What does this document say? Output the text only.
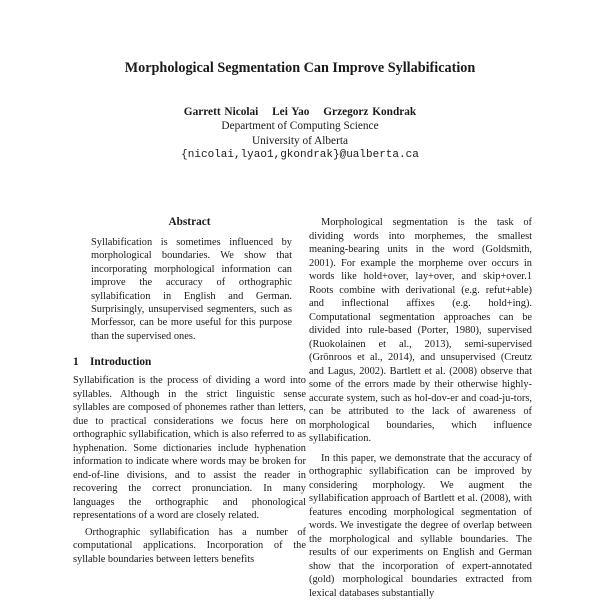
Morphological Segmentation Can Improve Syllabification
Garrett Nicolai Lei Yao Grzegorz Kondrak
Department of Computing Science
University of Alberta
{nicolai,lyao1,gkondrak}@ualberta.ca
Abstract

Syllabification is sometimes influenced by morphological boundaries. We show that incorporating morphological information can improve the accuracy of orthographic syllabification in English and German. Surprisingly, unsupervised segmenters, such as Morfessor, can be more useful for this purpose than the supervised ones.

1 Introduction

Syllabification is the process of dividing a word into syllables. Although in the strict linguistic sense syllables are composed of phonemes rather than letters, due to practical considerations we focus here on orthographic syllabification, which is also referred to as hyphenation. Some dictionaries include hyphenation information to indicate where words may be broken for end-of-line divisions, and to assist the reader in recovering the correct pronunciation. In many languages the orthographic and phonological representations of a word are closely related.

Orthographic syllabification has a number of computational applications. Incorporation of the syllable boundaries between letters benefits

Morphological segmentation is the task of dividing words into morphemes, the smallest meaning-bearing units in the word (Goldsmith, 2001). For example the morpheme over occurs in words like hold+over, lay+over, and skip+over.1 Roots combine with derivational (e.g. refut+able) and inflectional affixes (e.g. hold+ing). Computational segmentation approaches can be divided into rule-based (Porter, 1980), supervised (Ruokolainen et al., 2013), semi-supervised (Grönroos et al., 2014), and unsupervised (Creutz and Lagus, 2002). Bartlett et al. (2008) observe that some of the errors made by their otherwise highly-accurate system, such as hol-dov-er and coad-ju-tors, can be attributed to the lack of awareness of morphological boundaries, which influence syllabification.

In this paper, we demonstrate that the accuracy of orthographic syllabification can be improved by considering morphology. We augment the syllabification approach of Bartlett et al. (2008), with features encoding morphological segmentation of words. We investigate the degree of overlap between the morphological and syllable boundaries. The results of our experiments on English and German show that the incorporation of expert-annotated (gold) morphological boundaries extracted from lexical databases substantially
